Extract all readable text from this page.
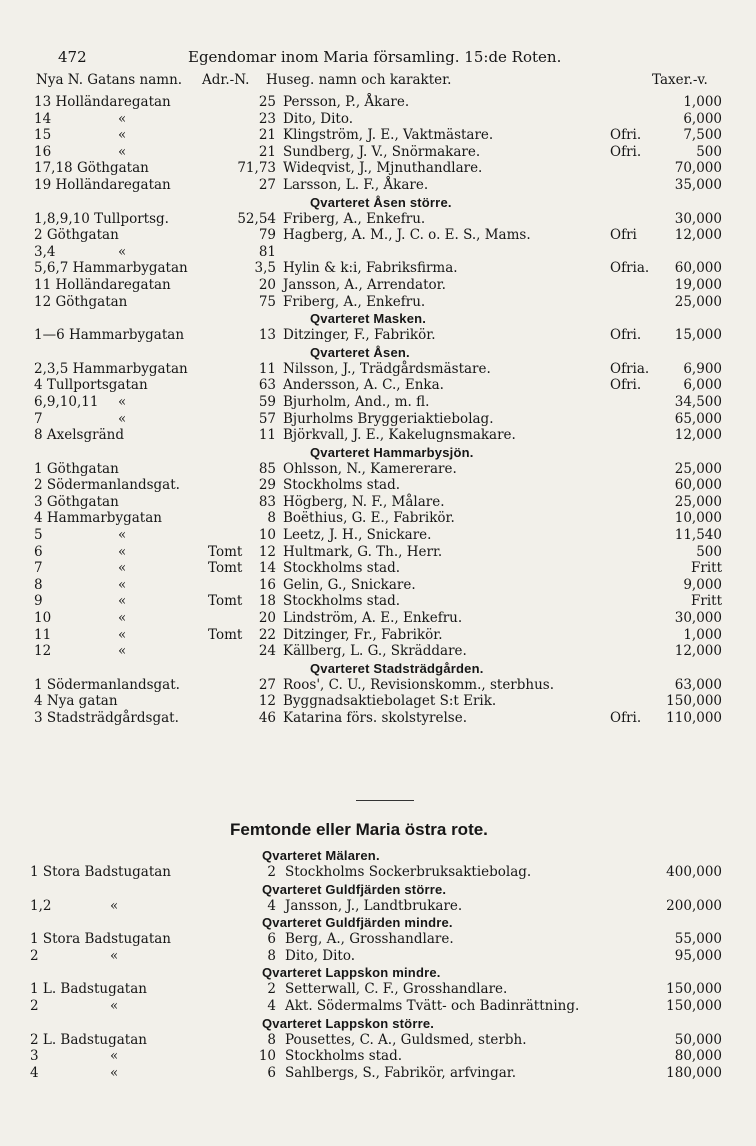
472	Egendomar inom Maria församling. 15:de Roten.
Nya N. Gatans namn. Adr.-N. Huseg. namn och karakter.	Taxer.-v.
13 Holländaregatan	25 Persson, P., Åkare.	1,000
14	«	23 Dito, Dito.	6,000
15	«	21 Klingström, J. E., Vaktmästare.	Ofri.	7,500
16	«	21 Sundberg, J. V., Snörmakare.	Ofri.	500
17,18 Göthgatan	71,73 Wideqvist, J., Mjnuthandlare.	70,000
19 Holländaregatan	27 Larsson, L. F., Åkare.	35,000
Qvarteret Åsen större.
1,8,9,10 Tullportsg.	52,54 Friberg, A., Enkefru.	30,000
2 Göthgatan	79 Hagberg, A. M., J. C. o. E. S., Mams.	Ofri	12,000
3,4	«	81
5,6,7 Hammarbygatan	3,5 Hylin & k:i, Fabriksfirma.	Ofria.	60,000
11 Holländaregatan	20 Jansson, A., Arrendator.	19,000
12 Göthgatan	75 Friberg, A., Enkefru.	25,000
Qvarteret Masken.
1—6 Hammarbygatan	13 Ditzinger, F., Fabrikör.	Ofri.	15,000
Qvarteret Åsen.
2,3,5 Hammarbygatan	11 Nilsson, J., Trädgårdsmästare.	Ofria.	6,900
4 Tullportsgatan	63 Andersson, A. C., Enka.	Ofri.	6,000
6,9,10,11 «	59 Bjurholm, And., m. fl.	34,500
7	«	57 Bjurholms Bryggeriaktiebolag.	65,000
8 Axelsgränd	11 Björkvall, J. E., Kakelugnsmakare.	12,000
Qvarteret Hammarbysjön.
1 Göthgatan	85 Ohlsson, N., Kamererare.	25,000
2 Södermanlandsgat.	29 Stockholms stad.	60,000
3 Göthgatan	83 Högberg, N. F., Målare.	25,000
4 Hammarbygatan	8 Boëthius, G. E., Fabrikör.	10,000
5	«	10 Leetz, J. H., Snickare.	11,540
6	«	Tomt	12 Hultmark, G. Th., Herr.	500
7	«	Tomt	14 Stockholms stad.	Fritt
8	«	16 Gelin, G., Snickare.	9,000
9	«	Tomt	18 Stockholms stad.	Fritt
10	«	20 Lindström, A. E., Enkefru.	30,000
11	«	Tomt	22 Ditzinger, Fr., Fabrikör.	1,000
12	«	24 Källberg, L. G., Skräddare.	12,000
Qvarteret Stadsträdgården.
1 Södermanlandsgat.	27 Roos', C. U., Revisionskomm., sterbhus.	63,000
4 Nya gatan	12 Byggnadsaktiebolaget S:t Erik.	150,000
3 Stadsträdgårdsgat.	46 Katarina förs. skolstyrelse.	Ofri.	110,000
Femtonde eller Maria östra rote.
Qvarteret Mälaren.
1 Stora Badstugatan	2 Stockholms Sockerbruksaktiebolag.	400,000
Qvarteret Guldfjärden större.
1,2	«	4 Jansson, J., Landtbrukare.	200,000
Qvarteret Guldfjärden mindre.
1 Stora Badstugatan	6 Berg, A., Grosshandlare.	55,000
2	«	8 Dito, Dito.	95,000
Qvarteret Lappskon mindre.
1 L. Badstugatan	2 Setterwall, C. F., Grosshandlare.	150,000
2	«	4 Akt. Södermalms Tvätt- och Badinrättning.	150,000
Qvarteret Lappskon större.
2 L. Badstugatan	8 Pousettes, C. A., Guldsmed, sterbh.	50,000
3	«	10 Stockholms stad.	80,000
4	«	6 Sahlbergs, S., Fabrikör, arfvingar.	180,000
